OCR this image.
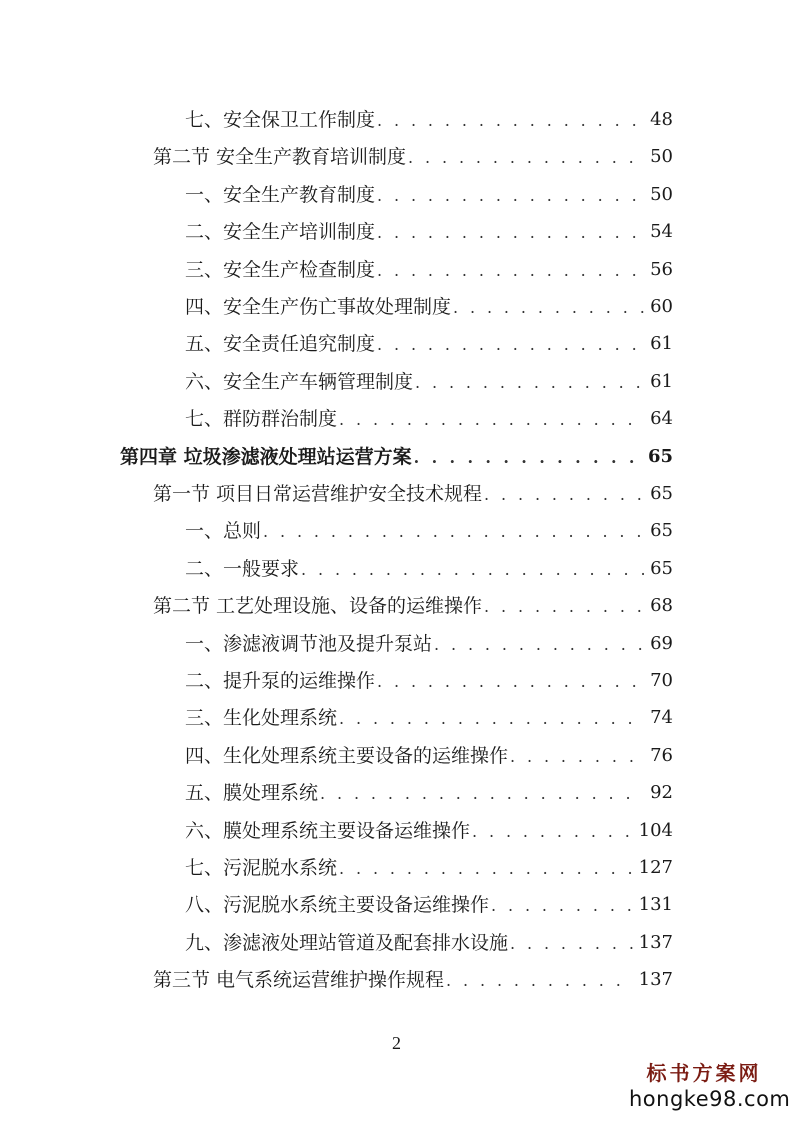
七、安全保卫工作制度 . . .	48
第二节 安全生产教育培训制度 . . .	50
一、安全生产教育制度 . . .	50
二、安全生产培训制度 . . .	54
三、安全生产检查制度 . . .	56
四、安全生产伤亡事故处理制度 . . .	60
五、安全责任追究制度 . . .	61
六、安全生产车辆管理制度 . . .	61
七、群防群治制度 . . .	64
第四章 垃圾渗滤液处理站运营方案 . . .	65
第一节 项目日常运营维护安全技术规程 . . .	65
一、总则 . . .	65
二、一般要求 . . .	65
第二节 工艺处理设施、设备的运维操作 . . .	68
一、渗滤液调节池及提升泵站 . . .	69
二、提升泵的运维操作 . . .	70
三、生化处理系统 . . .	74
四、生化处理系统主要设备的运维操作 . . .	76
五、膜处理系统 . . .	92
六、膜处理系统主要设备运维操作 . . .	104
七、污泥脱水系统 . . .	127
八、污泥脱水系统主要设备运维操作 . . .	131
九、渗滤液处理站管道及配套排水设施 . . .	137
第三节 电气系统运营维护操作规程 . . .	137
2
标书方案网
hongke98.com
